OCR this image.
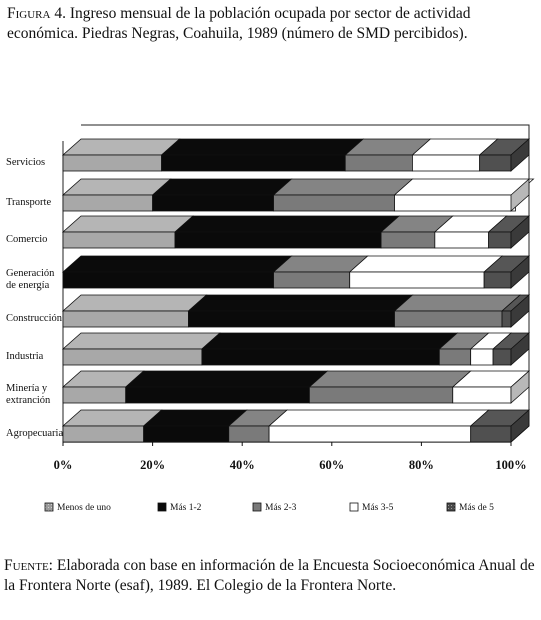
Figura 4. Ingreso mensual de la población ocupada por sector de actividad económica. Piedras Negras, Coahuila, 1989 (número de SMD percibidos).
Servicios
Transporte
Comercio
Generación de energía
Construcción
Industria
Minería y extranción
Agropecuaria
0%	20%	40%	60%	80%	100%
Menos de uno	Más 1-2	Más 2-3	Más 3-5	Más de 5
Fuente: Elaborada con base en información de la Encuesta Socioeconómica Anual de la Frontera Norte (esaf), 1989. El Colegio de la Frontera Norte.
